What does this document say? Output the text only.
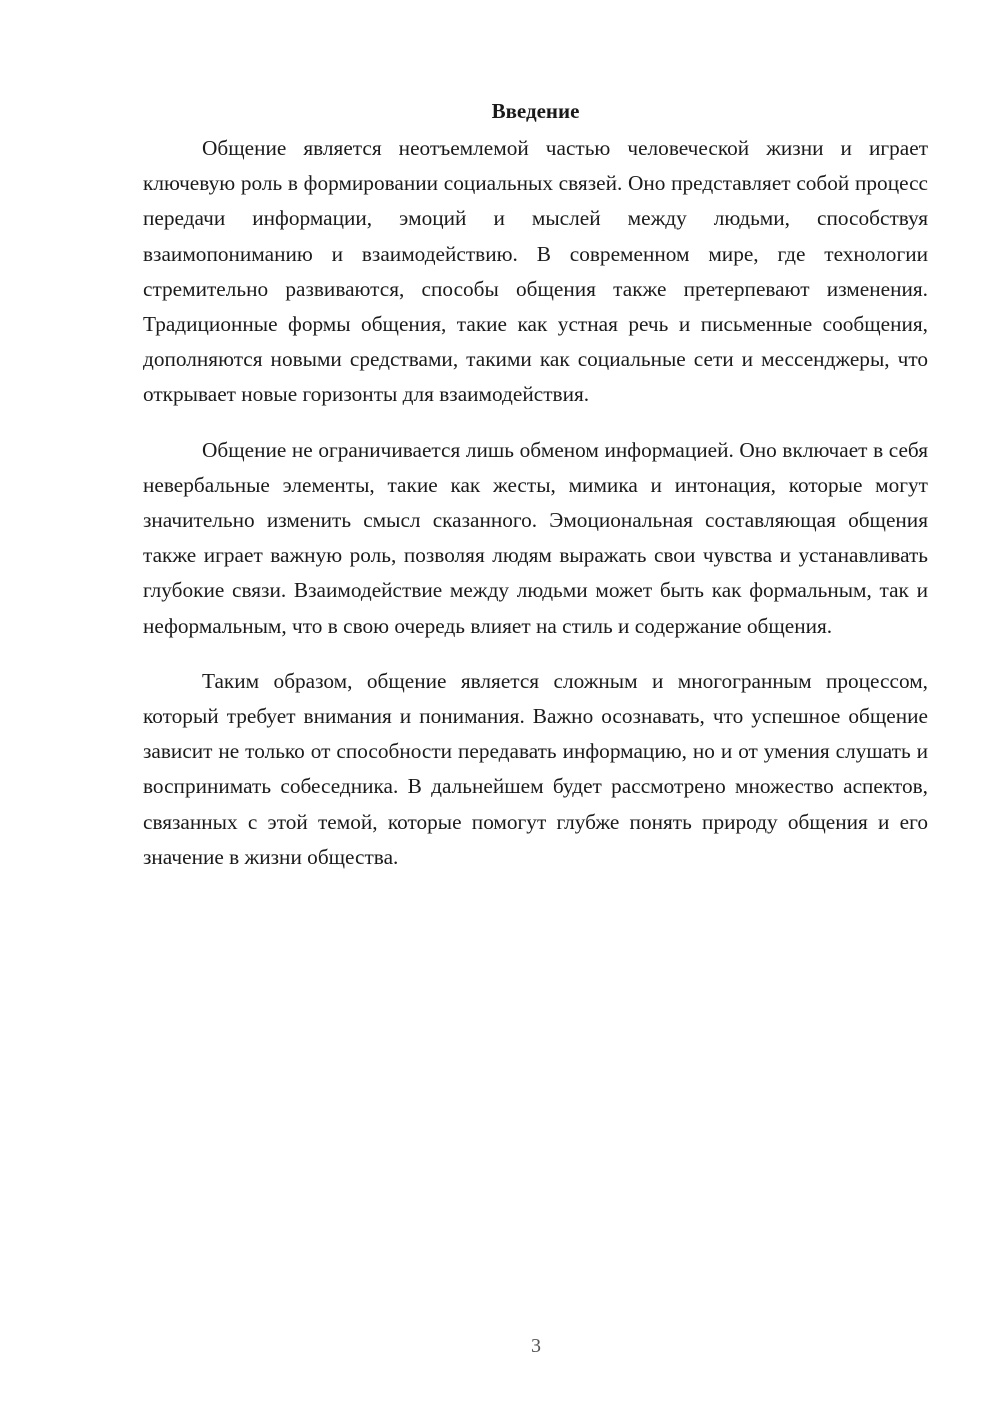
Введение

Общение является неотъемлемой частью человеческой жизни и играет ключевую роль в формировании социальных связей. Оно представляет собой процесс передачи информации, эмоций и мыслей между людьми, способствуя взаимопониманию и взаимодействию. В современном мире, где технологии стремительно развиваются, способы общения также претерпевают изменения. Традиционные формы общения, такие как устная речь и письменные сообщения, дополняются новыми средствами, такими как социальные сети и мессенджеры, что открывает новые горизонты для взаимодействия.

Общение не ограничивается лишь обменом информацией. Оно включает в себя невербальные элементы, такие как жесты, мимика и интонация, которые могут значительно изменить смысл сказанного. Эмоциональная составляющая общения также играет важную роль, позволяя людям выражать свои чувства и устанавливать глубокие связи. Взаимодействие между людьми может быть как формальным, так и неформальным, что в свою очередь влияет на стиль и содержание общения.

Таким образом, общение является сложным и многогранным процессом, который требует внимания и понимания. Важно осознавать, что успешное общение зависит не только от способности передавать информацию, но и от умения слушать и воспринимать собеседника. В дальнейшем будет рассмотрено множество аспектов, связанных с этой темой, которые помогут глубже понять природу общения и его значение в жизни общества.

3
